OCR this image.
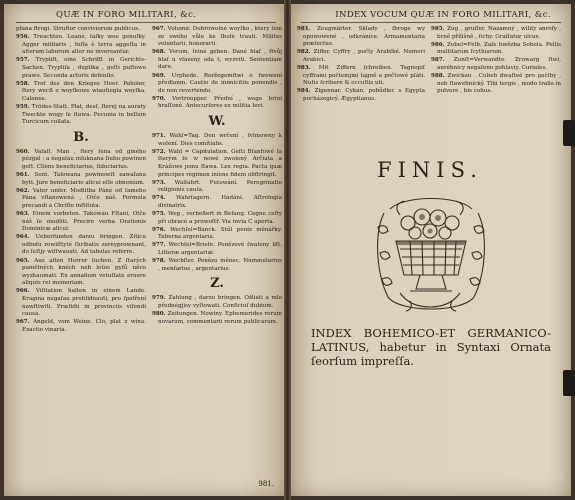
QUÆ IN FORO MILITARI, &c.
pfana ftrogi. Struftor conviviorum publicus.
956. Treachten. Leane, ſaſky woe genuſky. Agger militaris , foſſa è terra aggeſta in alterum laborum alter ne invereantur.
957. Trypliſt, eine Schrifft in Gerichts-Sachen. Trypliſa , duplika , geſti puſtowo prawo. Secunda actoris defenſio.
958. Troſ des den Krieges Heer. Paholer, ſtery wecß o woyſkowe wiautiegla woyſka. Calones.
959. Trödes-Statt. Plat, desſ, ſterej na auraty Tweckte wogy ſe ſtawa. Pecunia in bellum Turcicum collata.
B.
960. Vaſall. Man , ſtery ſena od giného pézgal ; a negaſau mluknana ſiubu powinen geſt. Cliens beneficiarius, ſiduciarius.
961. Sent. Talowana powinowſt zawaſana byti. Jure beneficiario alicui eſſe obnoxium.
962. Vater unſer. Modlitba Páné od ſameho Pâna vſtanowená , Otče náš. Formula precandi à Chriſto inſtituta.
963. Einem vorbeten. Takowau Fſtani, Otče náš ſe modliti. Precire verba Orationis Dominicæ alicui.
964. Ueberſunden darzu bringen. Ziticu odboſu rowiſſtyté ſhribatis zereyprownant, do ſeſtjy wiſſwauati. Ad tabulas referre.
965. Aus alten Herrer ſuchen. Z ſtarých pamětných knéch neb letos pyſů něco wyzkaumati. Ex annalium vetuſtate eruere aliquis rei memoriam.
966. Viſitation halten in einem Lande. Kragina negaſau prohlidnauti, pro ſpatření nawftiwiti. Præſidii in provinciis viſendi causa.
967. Angeld, vom Weine. Clo, plat z wína. Exactio vinaria.
967. Volumir. Dobrowolné woyſko , ktery ſem ze swého vůle ke ſbolé trauti. Milites voluntarii, honorarii.
968. Vorum, ſeiné geben. Dané hlaſ , ſtvůj hlaſ u vſazeny oda t, wyzviti. Sententiam dare.
969. Urphede. Roržegemſtwi o ſwewení předlanm. Cautio de inimicitiis ponendis , de non revertendo.
970. Vortroopper. Přední , wege brini hraſſoné. Antecurſores ex militia levi.
W.
971. Wahl=Tag. Den wrčení , ſvlmowny k wolení. Dies comitialis.
972. Wahl = Capitulation. Geſti Bſanfowé ſa ſterým ſe w nowé zwolený Arčiata a Krážowe jemu ſtawa. Lex regia. Pacta quæ principes regimen iníens fidem obſtringit.
973. Walſahrt. Putowání. Peregrinatio religionis cauſa.
974. Wahrſagern. Hádání. Aſtrologia divinatrix.
975. Weg , verbeßert in Befang. Cegne ceſty při obracé a prowoſtř. Via invia C aperta.
976. Wechſel=Banck. Stůl peníz měnářky. Taberna argentaria.
977. Wechſel=Briefe. Penězové ſwaſeny liſt. Litteræ argentariæ.
978. Wechſler. Penězo měnec. Nummularius , menſarius , argentarius.
Z.
979. Zahlung , darzu bringen. Ožliati a mlo přednégjisy vyſtowati. Conſiciuſ dubium.
980. Zeitungen. Nowiny. Ephemerides rerum novarum, commentarii rerum publicarum.
981.
INDEX VOCUM QUÆ IN FORO MILITARI, &c.
981. Zeugmärter. Sklady , ſbroge wy opowowené , odkráníce. Armamentaria præſectus.
982. Ziffer. Cyffry , počty Arabſké. Numeri Arabici.
983. Mit Ziffern ſchreiben. Tagnopiſ cyfframi počtemjmi tagně a počtowé pſáti. Nutis ſcribere & occultis uti.
984. Zigennar. Cykán, pobůdlec s Egypta pocházegicý. Ægyptianus.
985. Zug , gruſſer. Nazamný , wiliſy anrofy , brně přílišně , ſichy. Graſſatur ulcus.
986. Zobel=Felb. Zaſe hwězba Sobola. Pellis multiſarum ſcythiarum.
987. Zunſt=Verwandte. Zrowarg ſtwi, anréhnicy negaſeno pohlaviy. Curiales.
988. Zwickau . Cubeb dwaſteé pro pačſby , neb ſtawebnický. Tibi tergis , modo tralis in pulvere , bis cohus.
FINIS.
INDEX BOHEMICO-ET GERMANICO-LATINUS, habetur in Syntaxi Ornata ſeorſum impreſſa.
